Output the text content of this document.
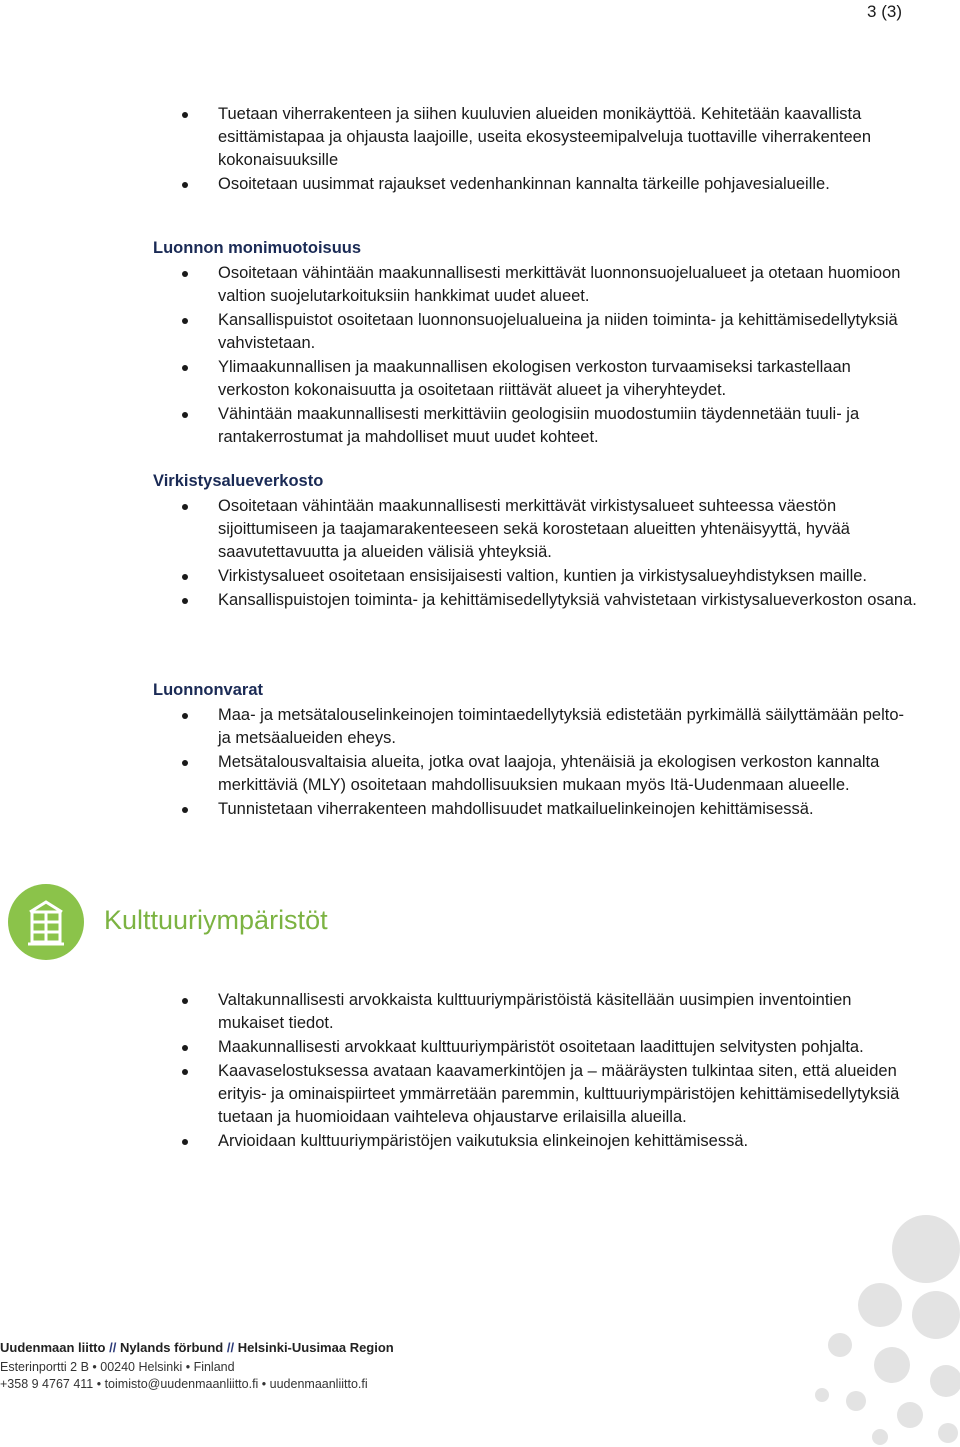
3 (3)
Tuetaan viherrakenteen ja siihen kuuluvien alueiden monikäyttöä. Kehitetään kaavallista esittämistapaa ja ohjausta laajoille, useita ekosysteemipalveluja tuottaville viherrakenteen kokonaisuuksille
Osoitetaan uusimmat rajaukset vedenhankinnan kannalta tärkeille pohjavesialueille.
Luonnon monimuotoisuus
Osoitetaan vähintään maakunnallisesti merkittävät luonnonsuojelualueet ja otetaan huomioon valtion suojelutarkoituksiin hankkimat uudet alueet.
Kansallispuistot osoitetaan luonnonsuojelualueina ja niiden toiminta- ja kehittämisedellytyksiä vahvistetaan.
Ylimaakunnallisen ja maakunnallisen ekologisen verkoston turvaamiseksi tarkastellaan verkoston kokonaisuutta ja osoitetaan riittävät alueet ja viheryhteydet.
Vähintään maakunnallisesti merkittäviin geologisiin muodostumiin täydennetään tuuli- ja rantakerrostumat ja mahdolliset muut uudet kohteet.
Virkistysalueverkosto
Osoitetaan vähintään maakunnallisesti merkittävät virkistysalueet suhteessa väestön sijoittumiseen ja taajamarakenteeseen sekä korostetaan alueitten yhtenäisyyttä, hyvää saavutettavuutta ja alueiden välisiä yhteyksiä.
Virkistysalueet osoitetaan ensisijaisesti valtion, kuntien ja virkistysalueyhdistyksen maille.
Kansallispuistojen toiminta- ja kehittämisedellytyksiä vahvistetaan virkistysalueverkoston osana.
Luonnonvarat
Maa- ja metsätalouselinkeinojen toimintaedellytyksiä edistetään pyrkimällä säilyttämään pelto- ja metsäalueiden eheys.
Metsätalousvaltaisia alueita, jotka ovat laajoja, yhtenäisiä ja ekologisen verkoston kannalta merkittäviä (MLY) osoitetaan mahdollisuuksien mukaan myös Itä-Uudenmaan alueelle.
Tunnistetaan viherrakenteen mahdollisuudet matkailuelinkeinojen kehittämisessä.
Kulttuuriympäristöt
Valtakunnallisesti arvokkaista kulttuuriympäristöistä käsitellään uusimpien inventointien mukaiset tiedot.
Maakunnallisesti arvokkaat kulttuuriympäristöt osoitetaan laadittujen selvitysten pohjalta.
Kaavaselostuksessa avataan kaavamerkintöjen ja – määräysten tulkintaa siten, että alueiden erityis- ja ominaispiirteet ymmärretään paremmin, kulttuuriympäristöjen kehittämisedellytyksiä tuetaan ja huomioidaan vaihteleva ohjaustarve erilaisilla alueilla.
Arvioidaan kulttuuriympäristöjen vaikutuksia elinkeinojen kehittämisessä.
Uudenmaan liitto // Nylands förbund // Helsinki-Uusimaa Region
Esterinportti 2 B • 00240 Helsinki • Finland
+358 9 4767 411 • toimisto@uudenmaanliitto.fi • uudenmaanliitto.fi
